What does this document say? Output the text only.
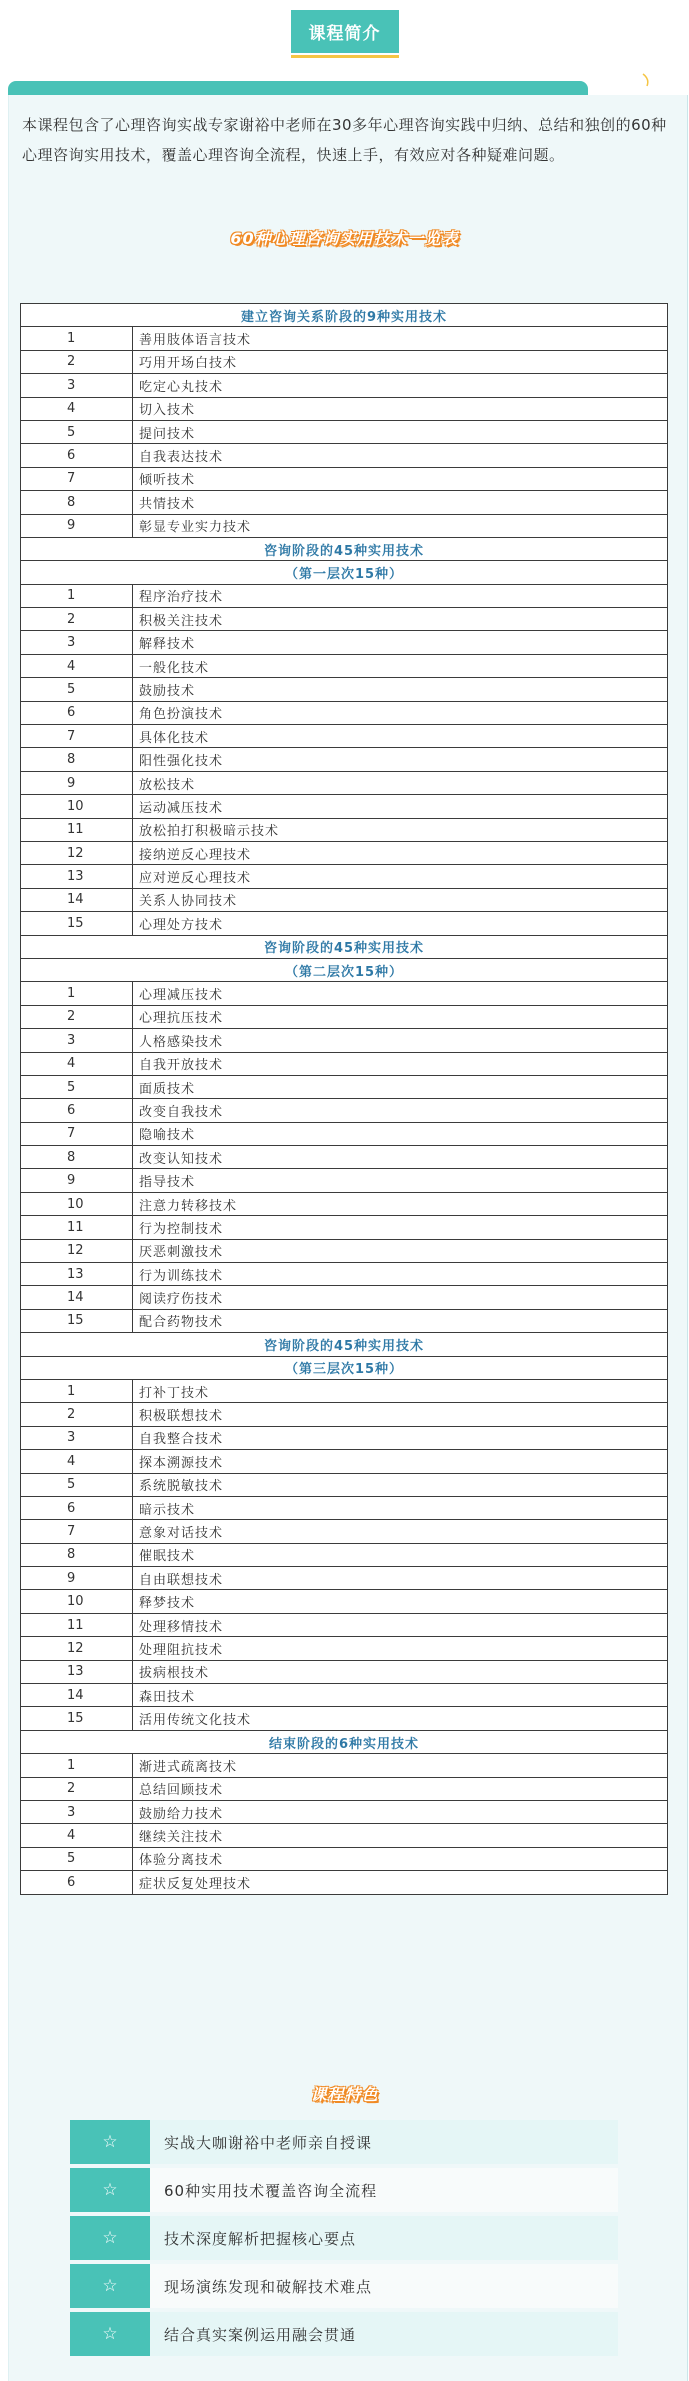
课程简介
本课程包含了心理咨询实战专家谢裕中老师在30多年心理咨询实践中归纳、总结和独创的60种心理咨询实用技术，覆盖心理咨询全流程，快速上手，有效应对各种疑难问题。
60种心理咨询实用技术一览表
建立咨询关系阶段的9种实用技术	
1	善用肢体语言技术
2	巧用开场白技术
3	吃定心丸技术
4	切入技术
5	提问技术
6	自我表达技术
7	倾听技术
8	共情技术
9	彰显专业实力技术
咨询阶段的45种实用技术	
（第一层次15种）	
1	程序治疗技术
2	积极关注技术
3	解释技术
4	一般化技术
5	鼓励技术
6	角色扮演技术
7	具体化技术
8	阳性强化技术
9	放松技术
10	运动减压技术
11	放松拍打积极暗示技术
12	接纳逆反心理技术
13	应对逆反心理技术
14	关系人协同技术
15	心理处方技术
咨询阶段的45种实用技术	
（第二层次15种）	
1	心理减压技术
2	心理抗压技术
3	人格感染技术
4	自我开放技术
5	面质技术
6	改变自我技术
7	隐喻技术
8	改变认知技术
9	指导技术
10	注意力转移技术
11	行为控制技术
12	厌恶刺激技术
13	行为训练技术
14	阅读疗伤技术
15	配合药物技术
咨询阶段的45种实用技术	
（第三层次15种）	
1	打补丁技术
2	积极联想技术
3	自我整合技术
4	探本溯源技术
5	系统脱敏技术
6	暗示技术
7	意象对话技术
8	催眠技术
9	自由联想技术
10	释梦技术
11	处理移情技术
12	处理阻抗技术
13	拔病根技术
14	森田技术
15	活用传统文化技术
结束阶段的6种实用技术	
1	渐进式疏离技术
2	总结回顾技术
3	鼓励给力技术
4	继续关注技术
5	体验分离技术
6	症状反复处理技术
课程特色
☆	实战大咖谢裕中老师亲自授课
☆	60种实用技术覆盖咨询全流程
☆	技术深度解析把握核心要点
☆	现场演练发现和破解技术难点
☆	结合真实案例运用融会贯通
